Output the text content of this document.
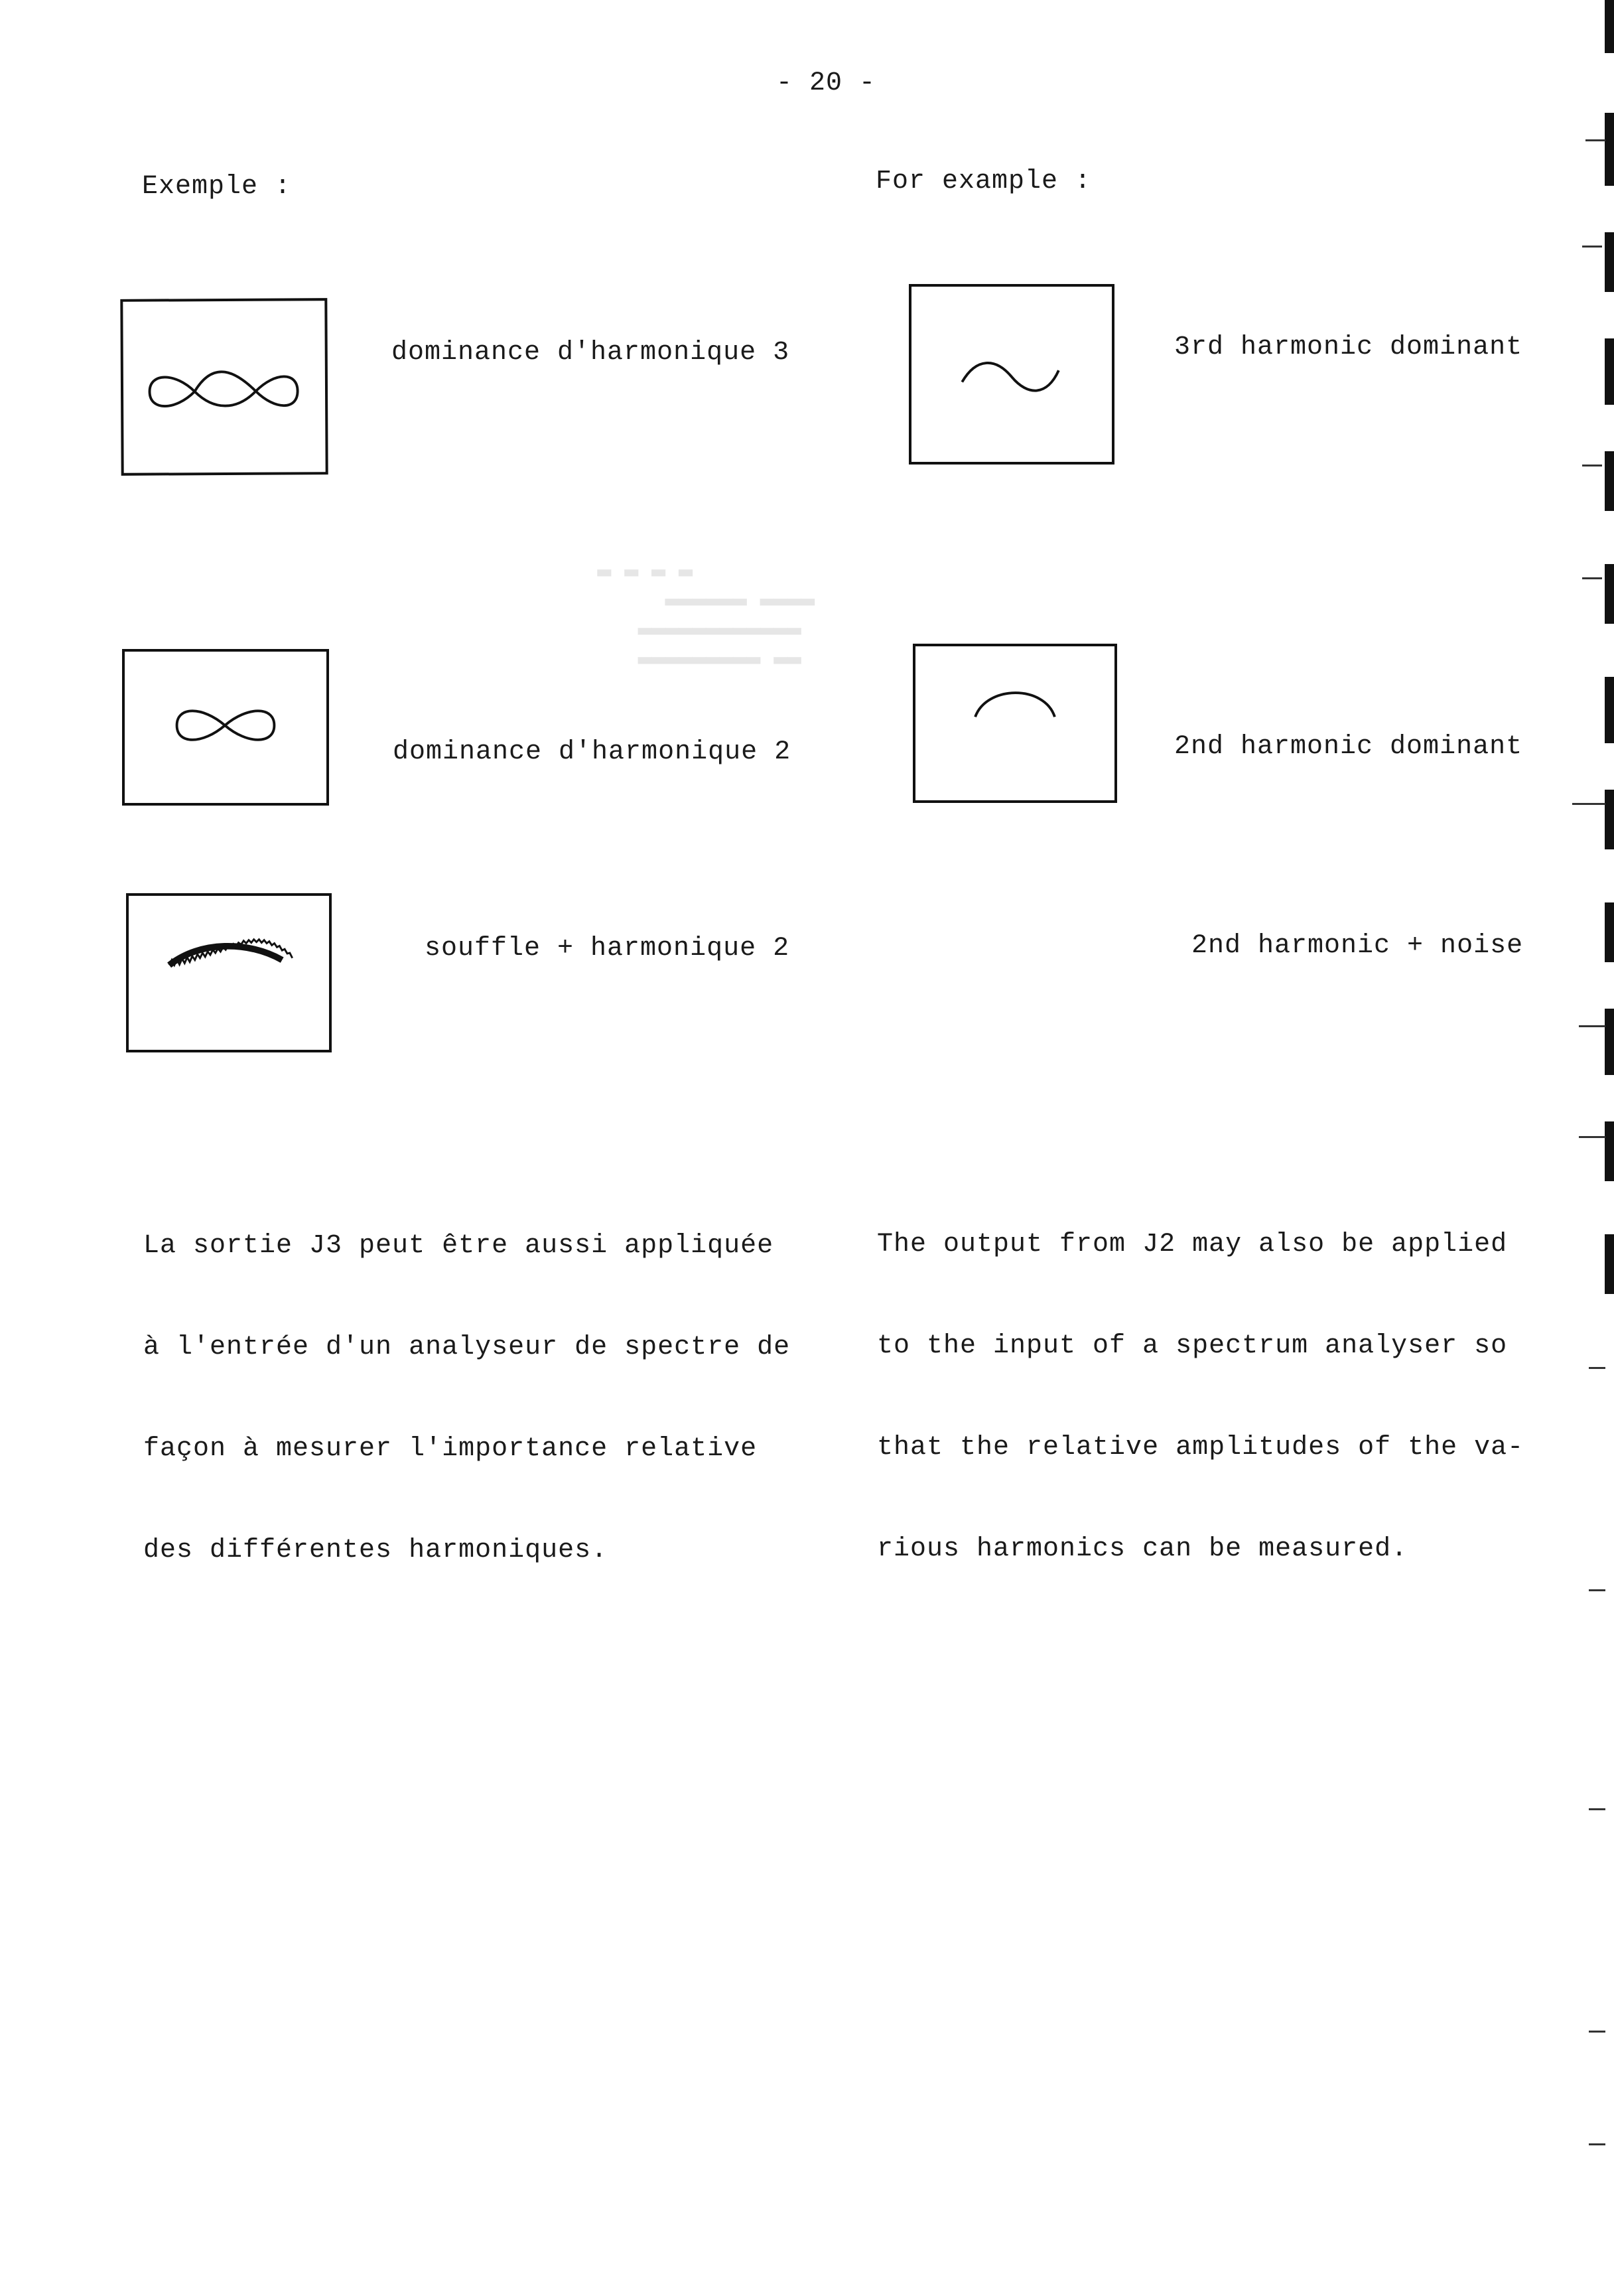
▂ ▂ ▂ ▂
▂▂▂▂▂▂ ▂▂▂▂
▂▂▂▂▂▂▂▂▂▂▂▂
▂▂▂▂▂▂▂▂▂ ▂▂
- 20 -
Exemple :	For example :
dominance d'harmonique 3
dominance d'harmonique 2
souffle + harmonique 2

La sortie J3 peut être aussi appliquée

à l'entrée d'un analyseur de spectre de

façon à mesurer l'importance relative

des différentes harmoniques.

3rd harmonic dominant
2nd harmonic dominant
2nd harmonic + noise

The output from J2 may also be applied

to the input of a spectrum analyser so

that the relative amplitudes of the va-

rious harmonics can be measured.
